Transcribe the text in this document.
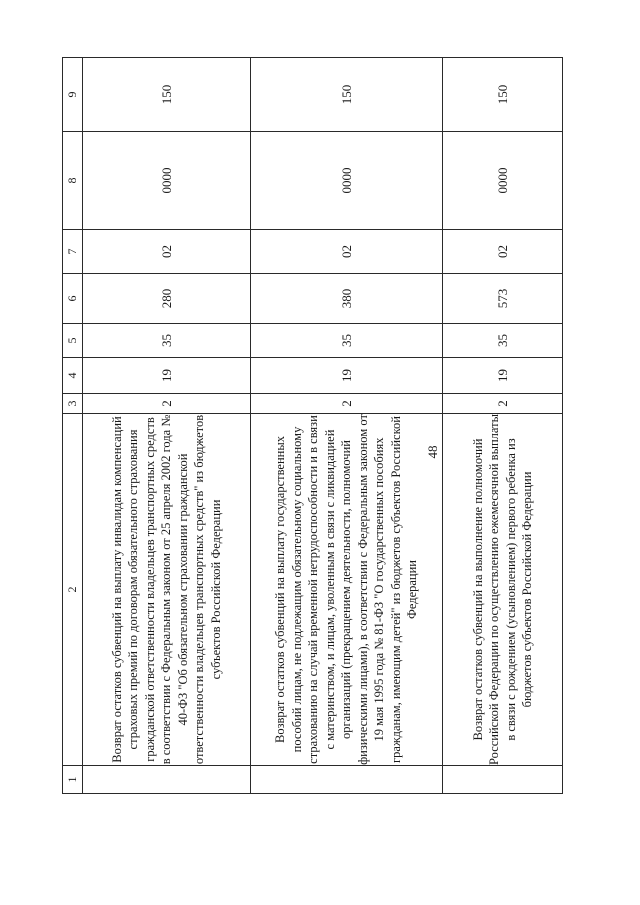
48
1	2	3	4	5	6	7	8	9
	Возврат остатков субвенций на выплату инвалидам компенсаций страховых премий по договорам обязательного страхования гражданской ответственности владельцев транспортных средств в соответствии с Федеральным законом от 25 апреля 2002 года № 40-ФЗ "Об обязательном страховании гражданской ответственности владельцев транспортных средств" из бюджетов субъектов Российской Федерации	2	19	35	280	02	0000	150
	Возврат остатков субвенций на выплату государственных пособий лицам, не подлежащим обязательному социальному страхованию на случай временной нетрудоспособности и в связи с материнством, и лицам, уволенным в связи с ликвидацией организаций (прекращением деятельности, полномочий физическими лицами), в соответствии с Федеральным законом от 19 мая 1995 года № 81-ФЗ "О государственных пособиях гражданам, имеющим детей" из бюджетов субъектов Российской Федерации	2	19	35	380	02	0000	150
	Возврат остатков субвенций на выполнение полномочий Российской Федерации по осуществлению ежемесячной выплаты в связи с рождением (усыновлением) первого ребенка из бюджетов субъектов Российской Федерации	2	19	35	573	02	0000	150
